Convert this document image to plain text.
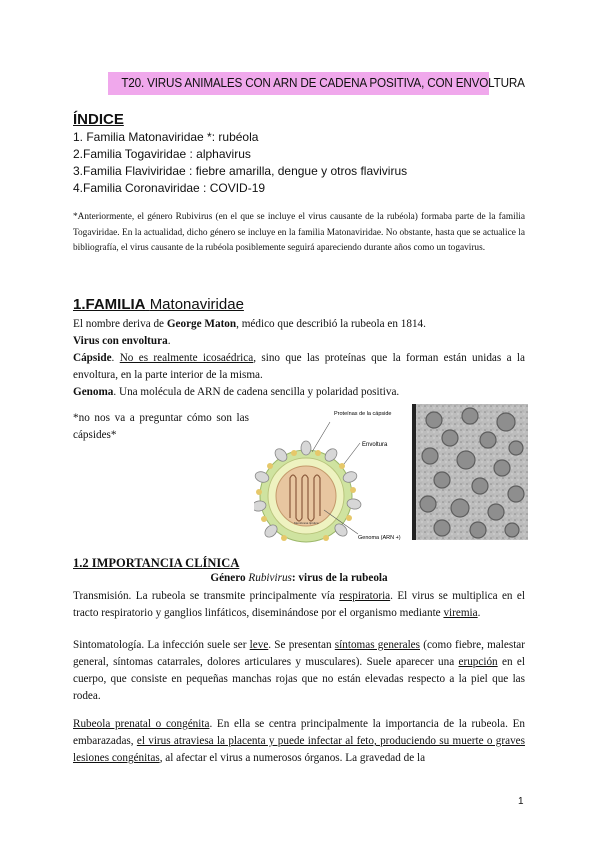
T20. VIRUS ANIMALES CON ARN DE CADENA POSITIVA, CON ENVOLTURA
ÍNDICE
1. Familia Matonaviridae *: rubéola
2.Familia Togaviridae : alphavirus
3.Familia Flaviviridae : fiebre amarilla, dengue y otros flavivirus
4.Familia Coronaviridae : COVID-19
*Anteriormente, el género Rubivirus (en el que se incluye el virus causante de la rubéola) formaba parte de la familia Togaviridae. En la actualidad, dicho género se incluye en la familia Matonaviridae. No obstante, hasta que se actualice la bibliografía, el virus causante de la rubéola posiblemente seguirá apareciendo durante años como un togavirus.
1.FAMILIA Matonaviridae
El nombre deriva de George Maton, médico que describió la rubeola en 1814.
Virus con envoltura.
Cápside. No es realmente icosaédrica, sino que las proteínas que la forman están unidas a la envoltura, en la parte interior de la misma.
Genoma. Una molécula de ARN de cadena sencilla y polaridad positiva.
*no nos va a preguntar cómo son las cápsides*
Proteínas de la cápside
Envoltura
Genoma (ARN +)
Membrana lipídica
1.2 IMPORTANCIA CLÍNICA
Género Rubivirus: virus de la rubeola
Transmisión. La rubeola se transmite principalmente vía respiratoria. El virus se multiplica en el tracto respiratorio y ganglios linfáticos, diseminándose por el organismo mediante viremia.
Sintomatología. La infección suele ser leve. Se presentan síntomas generales (como fiebre, malestar general, síntomas catarrales, dolores articulares y musculares). Suele aparecer una erupción en el cuerpo, que consiste en pequeñas manchas rojas que no están elevadas respecto a la piel que las rodea.
Rubeola prenatal o congénita. En ella se centra principalmente la importancia de la rubeola. En embarazadas, el virus atraviesa la placenta y puede infectar al feto, produciendo su muerte o graves lesiones congénitas, al afectar el virus a numerosos órganos. La gravedad de la
1
